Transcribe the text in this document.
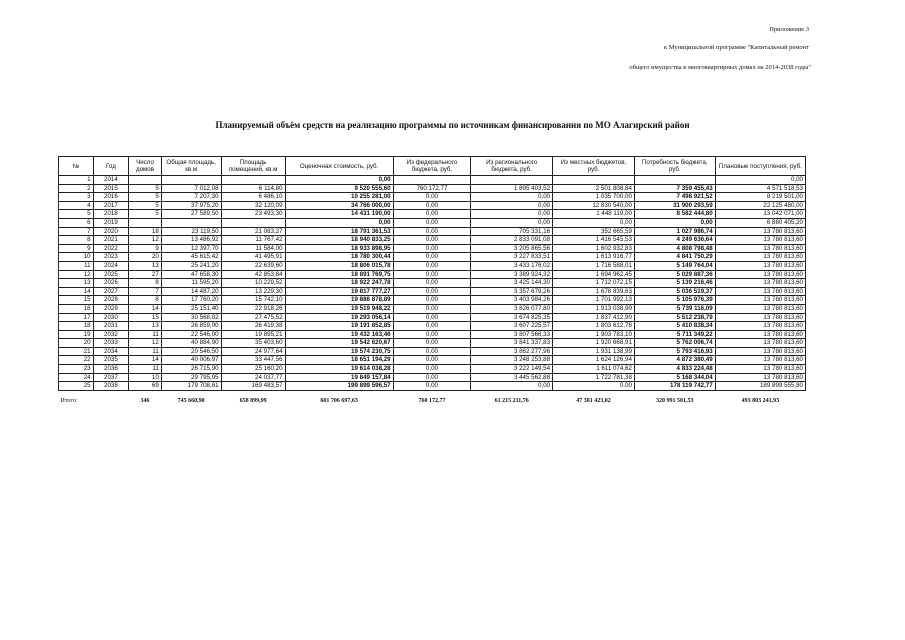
Приложение 3
к Муниципальной программе "Капитальный ремонт
общего имущества в многоквартирных домах на 2014-2038 годы"
Планируемый объём средств на реализацию программы по источникам финансирования по МО Алагирский район
№	Год	Число домов	Общая площадь, кв.м	Площадь помещений, кв.м	Оценочная стоимость, руб.	Из федерального бюджета, руб.	Из регионального бюджета, руб.	Из местных бюджетов, руб.	Потребность бюджета, руб.	Плановые поступления, руб.
1	2014				0,00					0,00
2	2015	5	7 012,08	6 114,80	9 520 555,60	760 172,77	1 895 403,52	2 501 808,84	7 359 455,43	4 571 518,53
3	2016	5	7 207,30	6 486,10	10 255 281,00	0,00	0,00	1 035 700,00	7 498 921,52	8 219 501,00
4	2017	5	37 975,20	32 120,09	34 766 000,00	0,00	0,00	12 830 540,00	31 900 293,59	22 125 480,00
5	2018	5	27 589,50	23 493,30	14 431 190,00	0,00	0,00	1 448 119,00	8 582 444,80	13 042 071,00
6	2019				0,00	0,00	0,00	0,00	0,00	6 860 405,20
7	2020	18	23 119,50	21 083,27	18 791 361,53	0,00	705 331,16	352 665,59	1 027 986,74	13 780 813,60
8	2021	12	13 486,92	11 767,42	18 940 833,25	0,00	2 833 091,08	1 416 545,53	4 249 636,64	13 780 813,60
9	2022	9	12 397,70	11 584,00	18 933 898,95	0,00	3 205 865,56	1 602 932,83	4 808 798,48	13 780 813,60
10	2023	20	45 615,42	41 495,91	18 780 300,44	0,00	3 227 833,51	1 613 916,77	4 841 750,29	13 780 813,60
11	2024	13	25 241,20	22 639,60	18 806 015,78	0,00	3 433 176,02	1 716 588,01	5 149 764,04	13 780 813,60
12	2025	27	47 658,30	42 853,84	18 891 769,75	0,00	3 389 924,32	1 694 962,45	5 029 887,36	13 780 813,60
13	2026	8	11 595,20	10 229,52	18 922 247,78	0,00	3 425 144,30	1 712 072,15	5 139 216,46	13 780 813,60
14	2027	7	14 487,20	13 229,30	19 817 777,27	0,00	3 357 679,26	1 678 839,63	5 036 519,37	13 780 813,60
15	2028	8	17 760,20	15 742,10	19 886 878,89	0,00	3 403 984,26	1 701 992,13	5 105 976,39	13 780 813,60
16	2029	14	25 151,40	22 918,26	19 519 948,22	0,00	3 826 077,80	1 913 038,90	5 739 116,09	13 780 813,60
17	2030	15	30 568,02	27 475,52	19 293 056,14	0,00	3 674 825,35	1 837 412,90	5 512 238,79	13 780 813,60
18	2031	13	26 859,00	26 419,38	19 191 852,85	0,00	3 607 225,57	1 803 612,78	5 410 838,34	13 780 813,60
19	2032	11	22 546,00	19 895,21	19 432 163,46	0,00	3 807 566,33	1 903 783,10	5 711 349,22	13 780 813,60
20	2033	12	40 884,90	35 403,60	19 542 620,67	0,00	3 841 337,83	1 920 668,91	5 762 006,74	13 780 813,60
21	2034	11	20 546,50	24 977,64	19 574 230,75	0,00	3 862 277,96	1 931 138,99	5 793 416,93	13 780 813,60
22	2035	14	40 006,97	33 447,56	18 651 194,29	0,00	3 248 253,88	1 624 126,94	4 872 380,49	13 780 813,60
23	2036	11	26 715,90	25 160,20	19 614 038,28	0,00	3 222 149,54	1 611 074,62	4 833 224,48	13 780 813,60
24	2037	10	29 795,95	24 037,77	19 849 157,84	0,00	3 445 562,88	1 722 781,38	5 168 344,04	13 780 813,60
25	2038	69	179 708,61	169 483,57	199 899 596,57	0,00	0,00	0,00	178 119 742,77	189 899 555,80
Итого:		346	745 660,90	658 899,99	601 706 697,63	760 172,77	61 215 211,76	47 381 423,02	320 991 501,53	493 803 241,93
